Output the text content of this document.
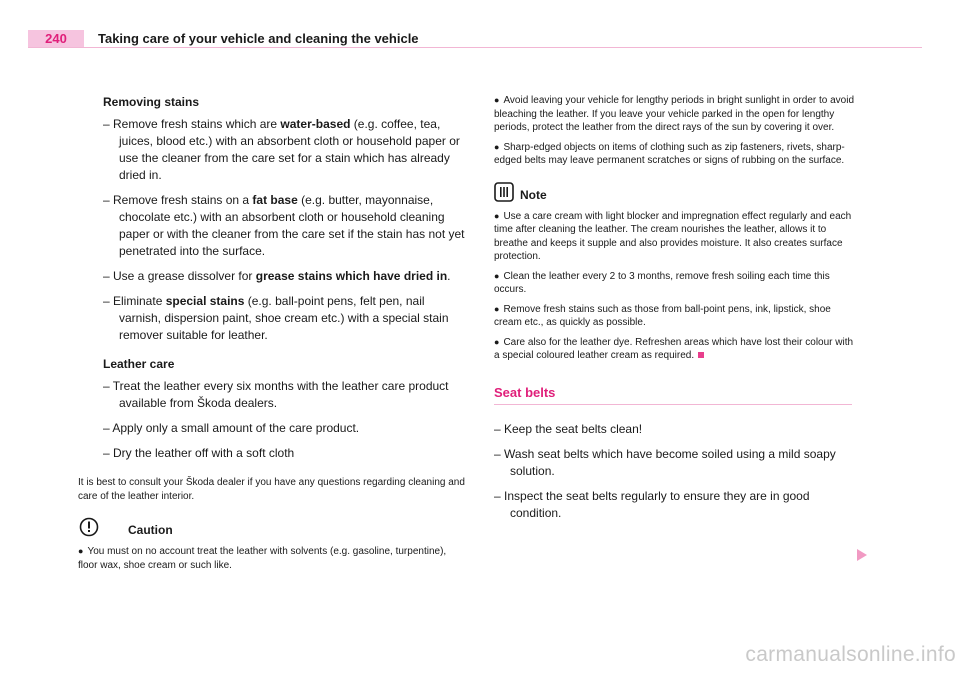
240	Taking care of your vehicle and cleaning the vehicle
Removing stains
– Remove fresh stains which are water-based (e.g. coffee, tea, juices, blood etc.) with an absorbent cloth or household paper or use the cleaner from the care set for a stain which has already dried in.
– Remove fresh stains on a fat base (e.g. butter, mayonnaise, chocolate etc.) with an absorbent cloth or household cleaning paper or with the cleaner from the care set if the stain has not yet penetrated into the surface.
– Use a grease dissolver for grease stains which have dried in.
– Eliminate special stains (e.g. ball-point pens, felt pen, nail varnish, dispersion paint, shoe cream etc.) with a special stain remover suitable for leather.
Leather care
– Treat the leather every six months with the leather care product available from Škoda dealers.
– Apply only a small amount of the care product.
– Dry the leather off with a soft cloth
It is best to consult your Škoda dealer if you have any questions regarding cleaning and care of the leather interior.
Caution
● You must on no account treat the leather with solvents (e.g. gasoline, turpentine), floor wax, shoe cream or such like.
● Avoid leaving your vehicle for lengthy periods in bright sunlight in order to avoid bleaching the leather. If you leave your vehicle parked in the open for lengthy periods, protect the leather from the direct rays of the sun by covering it over.
● Sharp-edged objects on items of clothing such as zip fasteners, rivets, sharp-edged belts may leave permanent scratches or signs of rubbing on the surface.
Note
● Use a care cream with light blocker and impregnation effect regularly and each time after cleaning the leather. The cream nourishes the leather, allows it to breathe and keeps it supple and also provides moisture. It also creates surface protection.
● Clean the leather every 2 to 3 months, remove fresh soiling each time this occurs.
● Remove fresh stains such as those from ball-point pens, ink, lipstick, shoe cream etc., as quickly as possible.
● Care also for the leather dye. Refreshen areas which have lost their colour with a special coloured leather cream as required.
Seat belts
– Keep the seat belts clean!
– Wash seat belts which have become soiled using a mild soapy solution.
– Inspect the seat belts regularly to ensure they are in good condition.
carmanualsonline.info
